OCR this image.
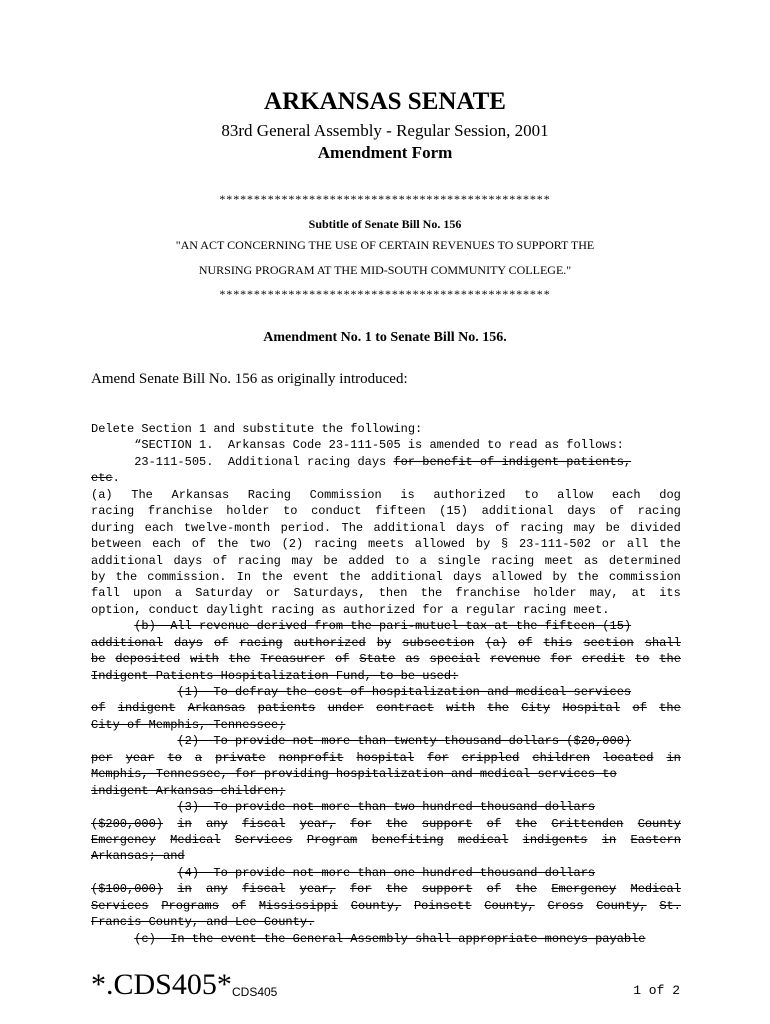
ARKANSAS SENATE
83rd General Assembly - Regular Session, 2001
Amendment Form
************************************************
Subtitle of Senate Bill No. 156
"AN ACT CONCERNING THE USE OF CERTAIN REVENUES TO SUPPORT THE
NURSING PROGRAM AT THE MID-SOUTH COMMUNITY COLLEGE."
************************************************
Amendment No. 1 to Senate Bill No. 156.
Amend Senate Bill No. 156 as originally introduced:
Delete Section 1 and substitute the following:
“SECTION 1.  Arkansas Code 23-111-505 is amended to read as follows:
23-111-505.  Additional racing days for benefit of indigent patients,
etc .
(a) The Arkansas Racing Commission is authorized to allow each dog
racing franchise holder to conduct fifteen (15) additional days of racing
during each twelve-month period. The additional days of racing may be divided
between each of the two (2) racing meets allowed by § 23-111-502 or all the
additional days of racing may be added to a single racing meet as determined
by the commission. In the event the additional days allowed by the commission
fall upon a Saturday or Saturdays, then the franchise holder may, at its
option, conduct daylight racing as authorized for a regular racing meet.

(b)  All revenue derived from the pari-mutuel tax at the fifteen (15)
additional days of racing authorized by subsection (a) of this section shall
be deposited with the Treasurer of State as special revenue for credit to the
Indigent Patients Hospitalization Fund, to be used:

(1)  To defray the cost of hospitalization and medical services
of indigent Arkansas patients under contract with the City Hospital of the
City of Memphis, Tennessee;

(2)  To provide not more than twenty thousand dollars ($20,000)
per year to a private nonprofit hospital for crippled children located in
Memphis, Tennessee, for providing hospitalization and medical services to
indigent Arkansas children;

(3)  To provide not more than two hundred thousand dollars
($200,000) in any fiscal year, for the support of the Crittenden County
Emergency Medical Services Program benefiting medical indigents in Eastern
Arkansas; and

(4)  To provide not more than one hundred thousand dollars
($100,000) in any fiscal year, for the support of the Emergency Medical
Services Programs of Mississippi County, Poinsett County, Cross County, St.
Francis County, and Lee County.

(c)  In the event the General Assembly shall appropriate moneys payable
*.CDS405* CDS405	1 of 2
